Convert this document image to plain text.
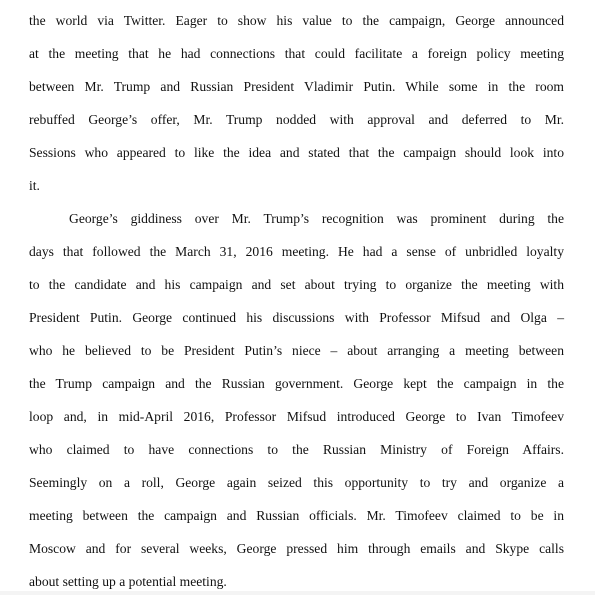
the world via Twitter. Eager to show his value to the campaign, George announced
at the meeting that he had connections that could facilitate a foreign policy meeting
between Mr. Trump and Russian President Vladimir Putin. While some in the room
rebuffed George’s offer, Mr. Trump nodded with approval and deferred to Mr.
Sessions who appeared to like the idea and stated that the campaign should look into
it.
George’s giddiness over Mr. Trump’s recognition was prominent during the
days that followed the March 31, 2016 meeting. He had a sense of unbridled loyalty
to the candidate and his campaign and set about trying to organize the meeting with
President Putin. George continued his discussions with Professor Mifsud and Olga –
who he believed to be President Putin’s niece – about arranging a meeting between
the Trump campaign and the Russian government. George kept the campaign in the
loop and, in mid-April 2016, Professor Mifsud introduced George to Ivan Timofeev
who claimed to have connections to the Russian Ministry of Foreign Affairs.
Seemingly on a roll, George again seized this opportunity to try and organize a
meeting between the campaign and Russian officials. Mr. Timofeev claimed to be in
Moscow and for several weeks, George pressed him through emails and Skype calls
about setting up a potential meeting.
